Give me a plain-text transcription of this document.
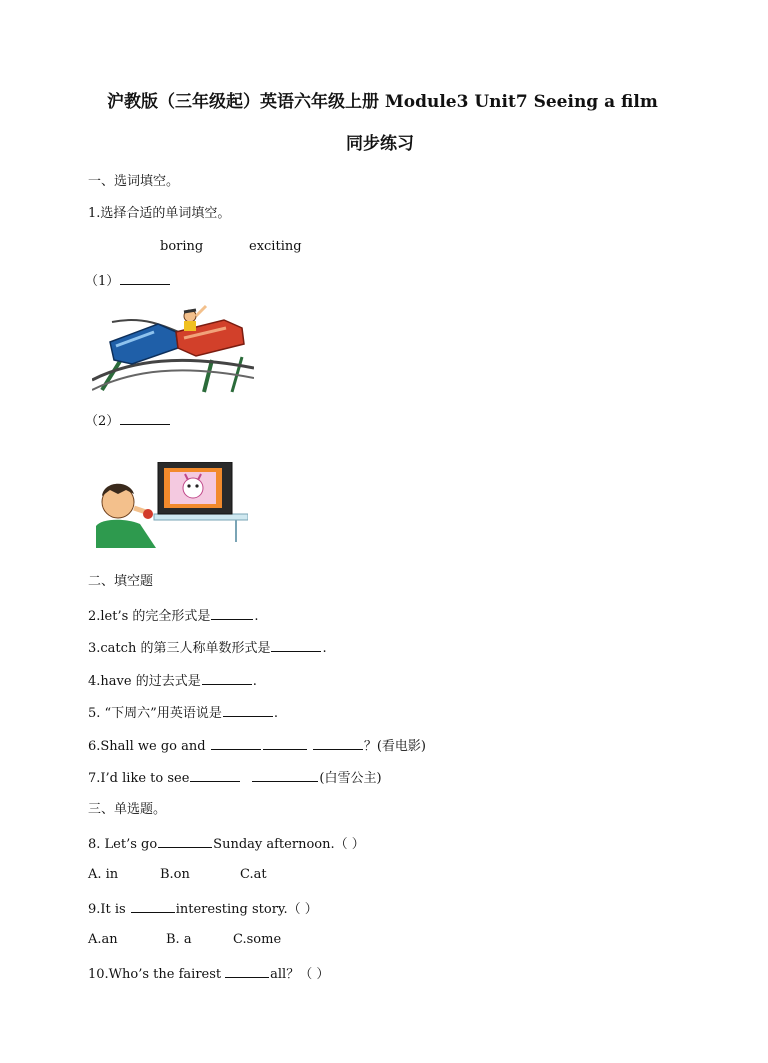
沪教版（三年级起）英语六年级上册 Module3 Unit7 Seeing a film
同步练习
一、选词填空。
1.选择合适的单词填空。
boring	exciting
（1）
（2）
二、填空题
2.let’s 的完全形式是	.
3.catch 的第三人称单数形式是	.
4.have 的过去式是	.
5. “下周六”用英语说是	.
6.Shall we go and	？(看电影)
7.I’d like to see	(白雪公主)
三、单选题。
8. Let’s go	Sunday afternoon.（ ）
A. in	B.on	C.at
9.It is	interesting story.（ ）
A.an	B. a	C.some
10.Who’s the fairest	all？（ ）
